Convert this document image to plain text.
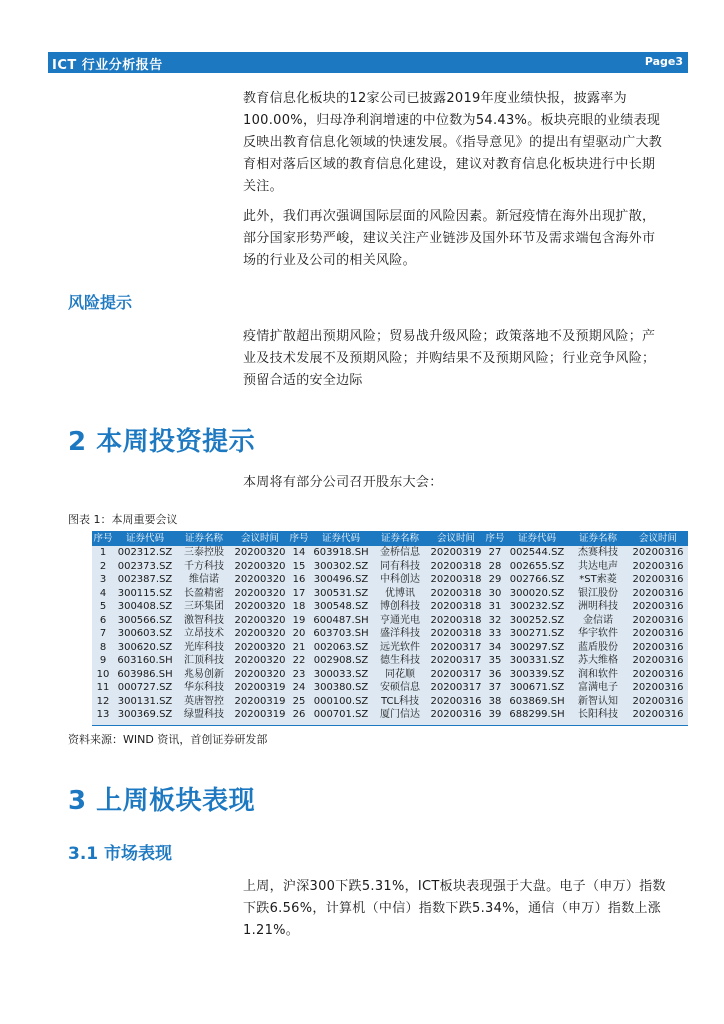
ICT 行业分析报告	Page3

教育信息化板块的12家公司已披露2019年度业绩快报，披露率为100.00%，归母净利润增速的中位数为54.43%。板块亮眼的业绩表现反映出教育信息化领域的快速发展。《指导意见》的提出有望驱动广大教育相对落后区域的教育信息化建设，建议对教育信息化板块进行中长期关注。

此外，我们再次强调国际层面的风险因素。新冠疫情在海外出现扩散，部分国家形势严峻，建议关注产业链涉及国外环节及需求端包含海外市场的行业及公司的相关风险。

风险提示

疫情扩散超出预期风险；贸易战升级风险；政策落地不及预期风险；产业及技术发展不及预期风险；并购结果不及预期风险；行业竞争风险；预留合适的安全边际

2 本周投资提示

本周将有部分公司召开股东大会：

图表 1：本周重要会议
序号	证券代码	证券名称	会议时间	序号	证券代码	证券名称	会议时间	序号	证券代码	证券名称	会议时间
1	002312.SZ	三泰控股	20200320	14	603918.SH	金桥信息	20200319	27	002544.SZ	杰赛科技	20200316
2	002373.SZ	千方科技	20200320	15	300302.SZ	同有科技	20200318	28	002655.SZ	共达电声	20200316
3	002387.SZ	维信诺	20200320	16	300496.SZ	中科创达	20200318	29	002766.SZ	*ST索菱	20200316
4	300115.SZ	长盈精密	20200320	17	300531.SZ	优博讯	20200318	30	300020.SZ	银江股份	20200316
5	300408.SZ	三环集团	20200320	18	300548.SZ	博创科技	20200318	31	300232.SZ	洲明科技	20200316
6	300566.SZ	激智科技	20200320	19	600487.SH	亨通光电	20200318	32	300252.SZ	金信诺	20200316
7	300603.SZ	立昂技术	20200320	20	603703.SH	盛洋科技	20200318	33	300271.SZ	华宇软件	20200316
8	300620.SZ	光库科技	20200320	21	002063.SZ	远光软件	20200317	34	300297.SZ	蓝盾股份	20200316
9	603160.SH	汇顶科技	20200320	22	002908.SZ	德生科技	20200317	35	300331.SZ	苏大维格	20200316
10	603986.SH	兆易创新	20200320	23	300033.SZ	同花顺	20200317	36	300339.SZ	润和软件	20200316
11	000727.SZ	华东科技	20200319	24	300380.SZ	安硕信息	20200317	37	300671.SZ	富满电子	20200316
12	300131.SZ	英唐智控	20200319	25	000100.SZ	TCL科技	20200316	38	603869.SH	新智认知	20200316
13	300369.SZ	绿盟科技	20200319	26	000701.SZ	厦门信达	20200316	39	688299.SH	长阳科技	20200316
资料来源：WIND 资讯，首创证券研发部
3 上周板块表现
3.1 市场表现

上周，沪深300下跌5.31%，ICT板块表现强于大盘。电子（申万）指数下跌6.56%，计算机（中信）指数下跌5.34%，通信（申万）指数上涨1.21%。
